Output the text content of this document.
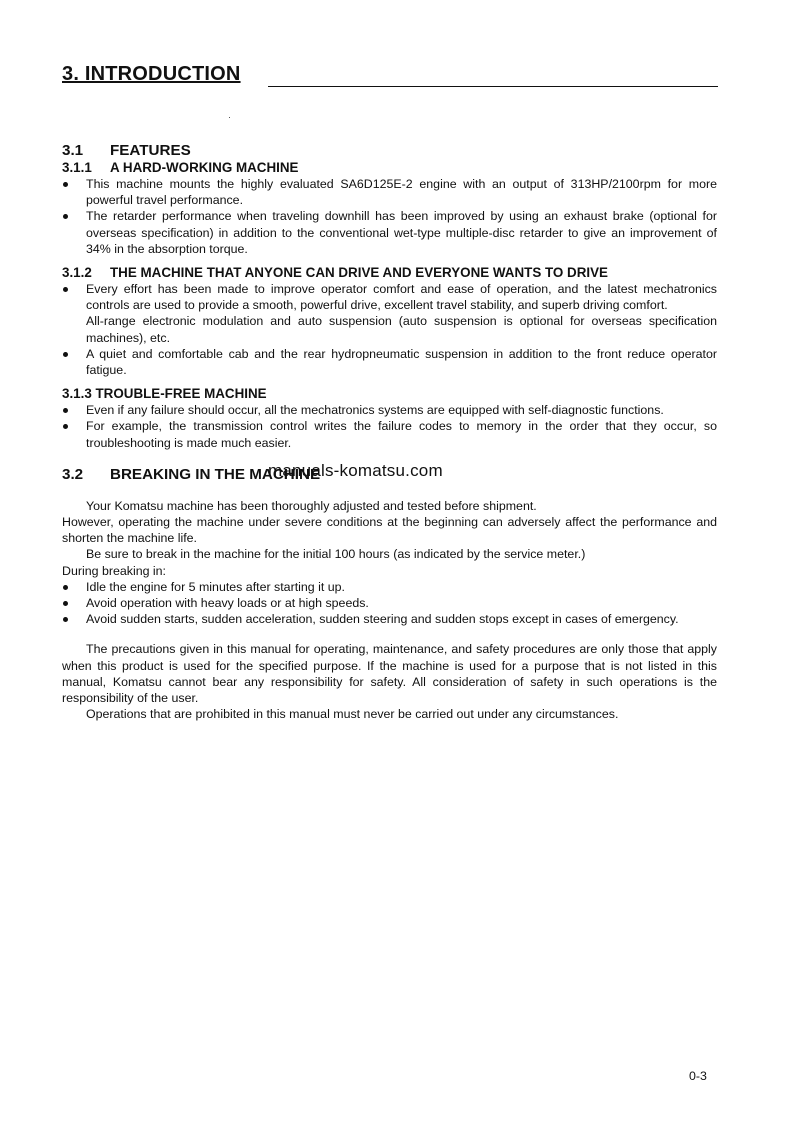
3. INTRODUCTION
3.1 FEATURES
3.1.1 A HARD-WORKING MACHINE
This machine mounts the highly evaluated SA6D125E-2 engine with an output of 313HP/2100rpm for more powerful travel performance.
The retarder performance when traveling downhill has been improved by using an exhaust brake (optional for overseas specification) in addition to the conventional wet-type multiple-disc retarder to give an improvement of 34% in the absorption torque.
3.1.2 THE MACHINE THAT ANYONE CAN DRIVE AND EVERYONE WANTS TO DRIVE
Every effort has been made to improve operator comfort and ease of operation, and the latest mechatronics controls are used to provide a smooth, powerful drive, excellent travel stability, and superb driving comfort.

All-range electronic modulation and auto suspension (auto suspension is optional for overseas specification machines), etc.

A quiet and comfortable cab and the rear hydropneumatic suspension in addition to the front reduce operator fatigue.
3.1.3 TROUBLE-FREE MACHINE
Even if any failure should occur, all the mechatronics systems are equipped with self-diagnostic functions.
For example, the transmission control writes the failure codes to memory in the order that they occur, so troubleshooting is made much easier.
3.2 BREAKING IN THE MACHINE

Your Komatsu machine has been thoroughly adjusted and tested before shipment.

However, operating the machine under severe conditions at the beginning can adversely affect the performance and shorten the machine life.

Be sure to break in the machine for the initial 100 hours (as indicated by the service meter.)

During breaking in:

Idle the engine for 5 minutes after starting it up.
Avoid operation with heavy loads or at high speeds.
Avoid sudden starts, sudden acceleration, sudden steering and sudden stops except in cases of emergency.

The precautions given in this manual for operating, maintenance, and safety procedures are only those that apply when this product is used for the specified purpose. If the machine is used for a purpose that is not listed in this manual, Komatsu cannot bear any responsibility for safety. All consideration of safety in such operations is the responsibility of the user.

Operations that are prohibited in this manual must never be carried out under any circumstances.

manuals-komatsu.com
0-3
